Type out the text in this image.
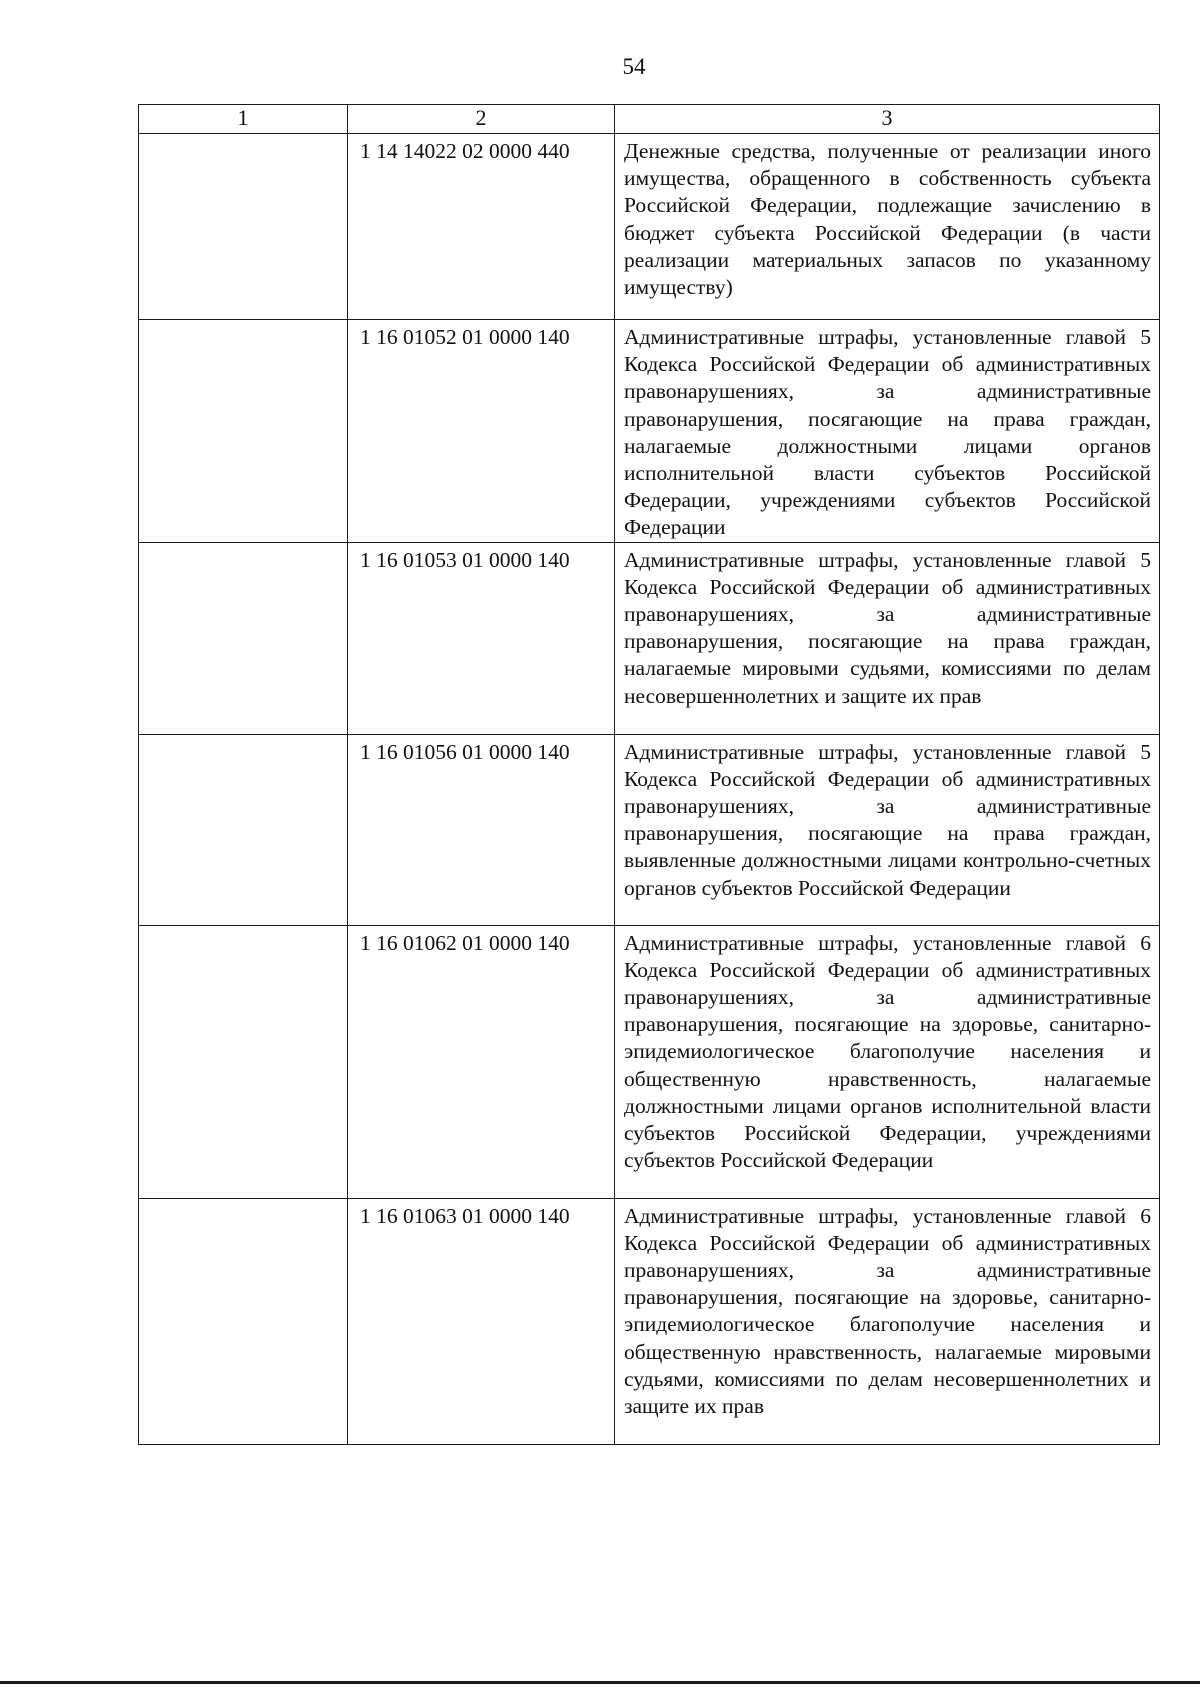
54
1	2	3
	1 14 14022 02 0000 440	Денежные средства, полученные от реализации иного имущества, обращенного в собственность субъекта Российской Федерации, подлежащие зачислению в бюджет субъекта Российской Федерации (в части реализации материальных запасов по указанному имуществу)
	1 16 01052 01 0000 140	Административные штрафы, установленные главой 5 Кодекса Российской Федерации об административных правонарушениях, за административные правонарушения, посягающие на права граждан, налагаемые должностными лицами органов исполнительной власти субъектов Российской Федерации, учреждениями субъектов Российской Федерации
	1 16 01053 01 0000 140	Административные штрафы, установленные главой 5 Кодекса Российской Федерации об административных правонарушениях, за административные правонарушения, посягающие на права граждан, налагаемые мировыми судьями, комиссиями по делам несовершеннолетних и защите их прав
	1 16 01056 01 0000 140	Административные штрафы, установленные главой 5 Кодекса Российской Федерации об административных правонарушениях, за административные правонарушения, посягающие на права граждан, выявленные должностными лицами контрольно-счетных органов субъектов Российской Федерации
	1 16 01062 01 0000 140	Административные штрафы, установленные главой 6 Кодекса Российской Федерации об административных правонарушениях, за административные правонарушения, посягающие на здоровье, санитарно-эпидемиологическое благополучие населения и общественную нравственность, налагаемые должностными лицами органов исполнительной власти субъектов Российской Федерации, учреждениями субъектов Российской Федерации
	1 16 01063 01 0000 140	Административные штрафы, установленные главой 6 Кодекса Российской Федерации об административных правонарушениях, за административные правонарушения, посягающие на здоровье, санитарно-эпидемиологическое благополучие населения и общественную нравственность, налагаемые мировыми судьями, комиссиями по делам несовершеннолетних и защите их прав
